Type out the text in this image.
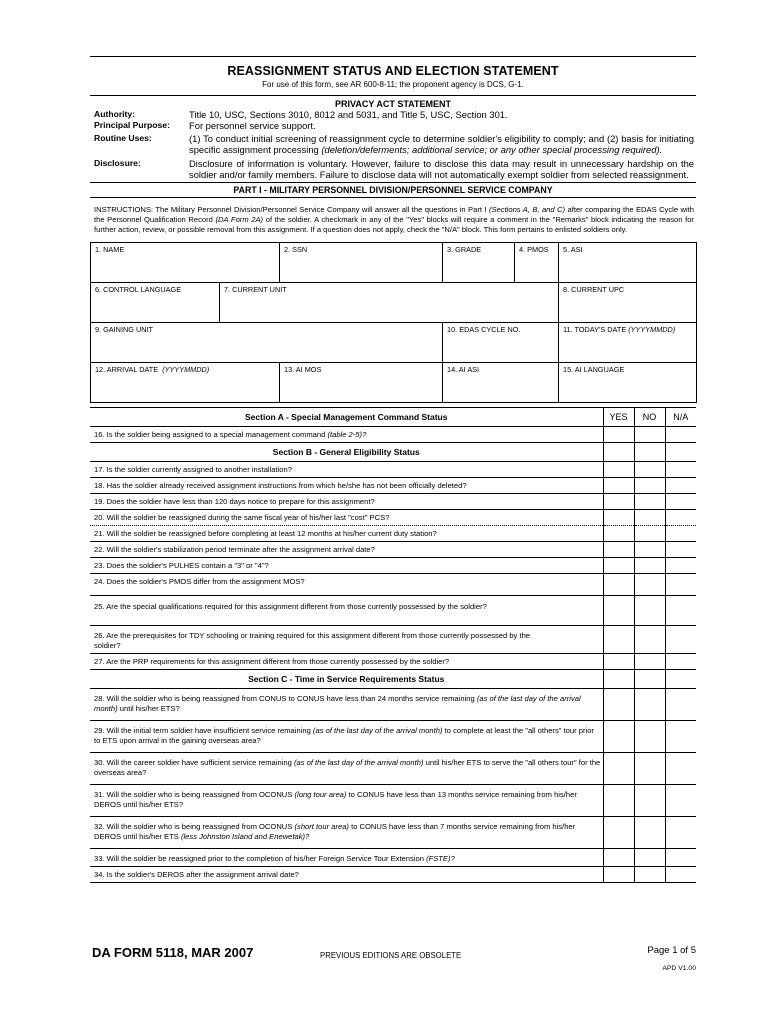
REASSIGNMENT STATUS AND ELECTION STATEMENT
For use of this form, see AR 600-8-11; the proponent agency is DCS, G-1.
PRIVACY ACT STATEMENT
Authority:	Title 10, USC, Sections 3010, 8012 and 5031, and Title 5, USC, Section 301.
Principal Purpose:	For personnel service support.
Routine Uses:	(1) To conduct initial screening of reassignment cycle to determine soldier's eligibility to comply; and (2) basis for initiating specific assignment processing (deletion/deferments; additional service; or any other special processing required).
Disclosure:	Disclosure of information is voluntary. However, failure to disclose this data may result in unnecessary hardship on the soldier and/or family members. Failure to disclose data will not automatically exempt soldier from selected reassignment.
PART I - MILITARY PERSONNEL DIVISION/PERSONNEL SERVICE COMPANY
INSTRUCTIONS: The Military Personnel Division/Personnel Service Company will answer all the questions in Part I (Sections A, B, and C) after comparing the EDAS Cycle with the Personnel Qualification Record (DA Form 2A) of the soldier. A checkmark in any of the "Yes" blocks will require a comment in the "Remarks" block indicating the reason for further action, review, or possible removal from this assignment. If a question does not apply, check the "N/A" block. This form pertains to enlisted soldiers only.
1. NAME		2. SSN	3. GRADE	4. PMOS	5. ASI
6. CONTROL LANGUAGE	7. CURRENT UNIT				8. CURRENT UPC
9. GAINING UNIT			10. EDAS CYCLE NO.		11. TODAY'S DATE (YYYYMMDD)
12. ARRIVAL DATE (YYYYMMDD)		13. AI MOS	14. AI ASI		15. AI LANGUAGE
Section A - Special Management Command Status	YES	NO	N/A
16. Is the soldier being assigned to a special management command (table 2-5)?			
Section B - General Eligibility Status			
17. Is the soldier currently assigned to another installation?			
18. Has the soldier already received assignment instructions from which he/she has not been officially deleted?			
19. Does the soldier have less than 120 days notice to prepare for this assignment?			
20. Will the soldier be reassigned during the same fiscal year of his/her last "cost" PCS?			
21. Will the soldier be reassigned before completing at least 12 months at his/her current duty station?			
22. Will the soldier's stabilization period terminate after the assignment arrival date?			
23. Does the soldier's PULHES contain a "3" or "4"?			
24. Does the soldier's PMOS differ from the assignment MOS?			
25. Are the special qualifications required for this assignment different from those currently possessed by the soldier?			
26. Are the prerequisites for TDY schooling or training required for this assignment different from those currently possessed by the soldier?			
27. Are the PRP requirements for this assignment different from those currently possessed by the soldier?			
Section C - Time in Service Requirements Status			
28. Will the soldier who is being reassigned from CONUS to CONUS have less than 24 months service remaining (as of the last day of the arrival month) until his/her ETS?			
29. Will the initial term soldier have insufficient service remaining (as of the last day of the arrival month) to complete at least the "all others" tour prior to ETS upon arrival in the gaining overseas area?			
30. Will the career soldier have sufficient service remaining (as of the last day of the arrival month) until his/her ETS to serve the "all others tour" for the overseas area?			
31. Will the soldier who is being reassigned from OCONUS (long tour area) to CONUS have less than 13 months service remaining from his/her DEROS until his/her ETS?			
32. Will the soldier who is being reassigned from OCONUS (short tour area) to CONUS have less than 7 months service remaining from his/her DEROS until his/her ETS (less Johnston Island and Enewetak)?			
33. Will the soldier be reassigned prior to the completion of his/her Foreign Service Tour Extension (FSTE)?			
34. Is the soldier's DEROS after the assignment arrival date?			
DA FORM 5118, MAR 2007	PREVIOUS EDITIONS ARE OBSOLETE	Page 1 of 5
APD V1.00
